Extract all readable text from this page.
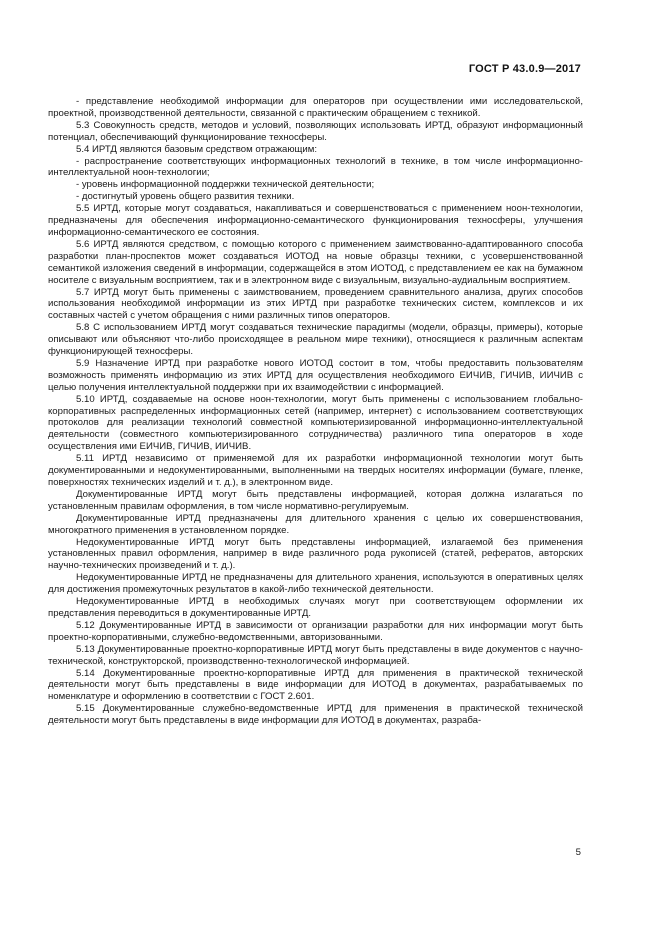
ГОСТ Р 43.0.9—2017

- представление необходимой информации для операторов при осуществлении ими исследовательской, проектной, производственной деятельности, связанной с практическим обращением с техникой.

5.3 Совокупность средств, методов и условий, позволяющих использовать ИРТД, образуют информационный потенциал, обеспечивающий функционирование техносферы.

5.4 ИРТД являются базовым средством отражающим:

- распространение соответствующих информационных технологий в технике, в том числе информационно-интеллектуальной ноон-технологии;

- уровень информационной поддержки технической деятельности;

- достигнутый уровень общего развития техники.

5.5 ИРТД, которые могут создаваться, накапливаться и совершенствоваться с применением ноон-технологии, предназначены для обеспечения информационно-семантического функционирования техносферы, улучшения информационно-семантического ее состояния.

5.6 ИРТД являются средством, с помощью которого с применением заимствованно-адаптированного способа разработки план-проспектов может создаваться ИОТОД на новые образцы техники, с усовершенствованной семантикой изложения сведений в информации, содержащейся в этом ИОТОД, с представлением ее как на бумажном носителе с визуальным восприятием, так и в электронном виде с визуальным, визуально-аудиальным восприятием.

5.7 ИРТД могут быть применены с заимствованием, проведением сравнительного анализа, других способов использования необходимой информации из этих ИРТД при разработке технических систем, комплексов и их составных частей с учетом обращения с ними различных типов операторов.

5.8 С использованием ИРТД могут создаваться технические парадигмы (модели, образцы, примеры), которые описывают или объясняют что-либо происходящее в реальном мире техники), относящиеся к различным аспектам функционирующей техносферы.

5.9 Назначение ИРТД при разработке нового ИОТОД состоит в том, чтобы предоставить пользователям возможность применять информацию из этих ИРТД для осуществления необходимого ЕИЧИВ, ГИЧИВ, ИИЧИВ с целью получения интеллектуальной поддержки при их взаимодействии с информацией.

5.10 ИРТД, создаваемые на основе ноон-технологии, могут быть применены с использованием глобально-корпоративных распределенных информационных сетей (например, интернет) с использованием соответствующих протоколов для реализации технологий совместной компьютеризированной информационно-интеллектуальной деятельности (совместного компьютеризированного сотрудничества) различного типа операторов в ходе осуществления ими ЕИЧИВ, ГИЧИВ, ИИЧИВ.

5.11 ИРТД независимо от применяемой для их разработки информационной технологии могут быть документированными и недокументированными, выполненными на твердых носителях информации (бумаге, пленке, поверхностях технических изделий и т. д.), в электронном виде.

Документированные ИРТД могут быть представлены информацией, которая должна излагаться по установленным правилам оформления, в том числе нормативно-регулируемым.

Документированные ИРТД предназначены для длительного хранения с целью их совершенствования, многократного применения в установленном порядке.

Недокументированные ИРТД могут быть представлены информацией, излагаемой без применения установленных правил оформления, например в виде различного рода рукописей (статей, рефератов, авторских научно-технических произведений и т. д.).

Недокументированные ИРТД не предназначены для длительного хранения, используются в оперативных целях для достижения промежуточных результатов в какой-либо технической деятельности.

Недокументированные ИРТД в необходимых случаях могут при соответствующем оформлении их представления переводиться в документированные ИРТД.

5.12 Документированные ИРТД в зависимости от организации разработки для них информации могут быть проектно-корпоративными, служебно-ведомственными, авторизованными.

5.13 Документированные проектно-корпоративные ИРТД могут быть представлены в виде документов с научно-технической, конструкторской, производственно-технологической информацией.

5.14 Документированные проектно-корпоративные ИРТД для применения в практической технической деятельности могут быть представлены в виде информации для ИОТОД в документах, разрабатываемых по номенклатуре и оформлению в соответствии с ГОСТ 2.601.

5.15 Документированные служебно-ведомственные ИРТД для применения в практической технической деятельности могут быть представлены в виде информации для ИОТОД в документах, разраба-

5
